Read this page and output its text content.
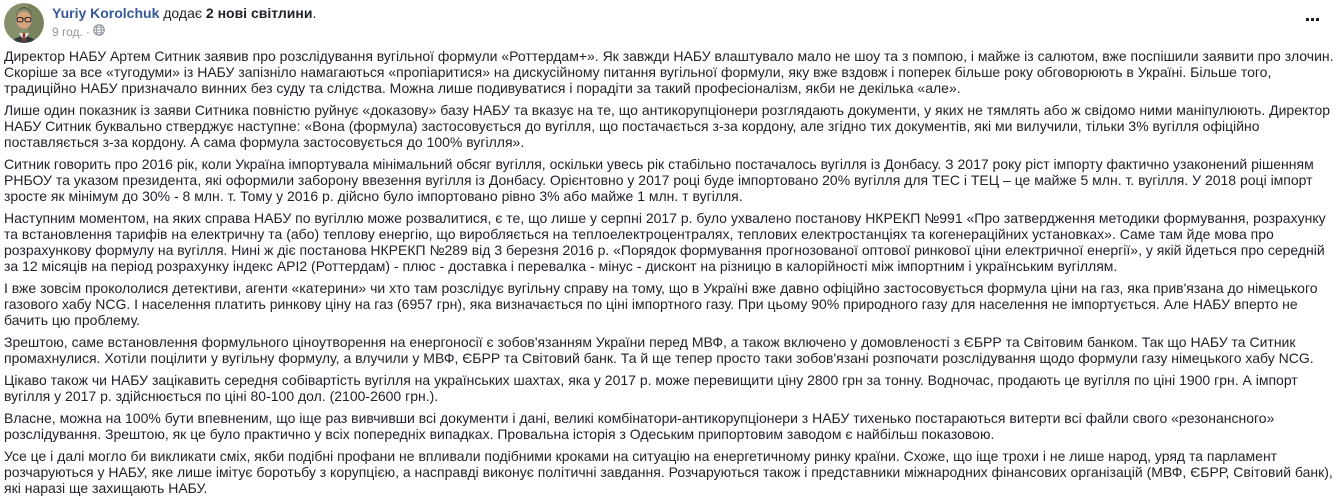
Yuriy Korolchuk додає 2 нові світлини.
9 год. ·

Директор НАБУ Артем Ситник заявив про розслідування вугільної формули «Роттердам+». Як завжди НАБУ влаштувало мало не шоу та з помпою, і майже із салютом, вже поспішили заявити про злочин. Скоріше за все «тугодуми» із НАБУ запізніло намагаються «пропіаритися» на дискусійному питання вугільної формули, яку вже вздовж і поперек більше року обговорюють в Україні. Більше того, традиційно НАБУ призначало винних без суду та слідства. Можна лише подивуватися і порадіти за такий професіоналізм, якби не декілька «але».

Лише один показник із заяви Ситника повністю руйнує «доказову» базу НАБУ та вказує на те, що антикорупціонери розглядають документи, у яких не тямлять або ж свідомо ними маніпулюють. Директор НАБУ Ситник буквально стверджує наступне: «Вона (формула) застосовується до вугілля, що постачається з-за кордону, але згідно тих документів, які ми вилучили, тільки 3% вугілля офіційно поставляється з-за кордону. А сама формула застосовується до 100% вугілля».

Ситник говорить про 2016 рік, коли Україна імпортувала мінімальний обсяг вугілля, оскільки увесь рік стабільно постачалось вугілля із Донбасу. З 2017 року ріст імпорту фактично узаконений рішенням РНБОУ та указом президента, які оформили заборону ввезення вугілля із Донбасу. Орієнтовно у 2017 році буде імпортовано 20% вугілля для ТЕС і ТЕЦ – це майже 5 млн. т. вугілля. У 2018 році імпорт зросте як мінімум до 30% - 8 млн. т. Тому у 2016 р. дійсно було імпортовано рівно 3% або майже 1 млн. т вугілля.

Наступним моментом, на яких справа НАБУ по вугіллю може розвалитися, є те, що лише у серпні 2017 р. було ухвалено постанову НКРЕКП №991 «Про затвердження методики формування, розрахунку та встановлення тарифів на електричну та (або) теплову енергію, що виробляється на теплоелектроцентралях, теплових електростанціях та когенераційних установках». Саме там йде мова про розрахункову формулу на вугілля. Нині ж діє постанова НКРЕКП №289 від 3 березня 2016 р. «Порядок формування прогнозованої оптової ринкової ціни електричної енергії», у якій йдеться про середній за 12 місяців на період розрахунку індекс API2 (Роттердам) - плюс - доставка і перевалка - мінус - дисконт на різницю в калорійності між імпортним і українським вугіллям.

І вже зовсім прокололися детективи, агенти «катерини» чи хто там розслідує вугільну справу на тому, що в Україні вже давно офіційно застосовується формула ціни на газ, яка прив'язана до німецького газового хабу NCG. І населення платить ринкову ціну на газ (6957 грн), яка визначається по ціні імпортного газу. При цьому 90% природного газу для населення не імпортується. Але НАБУ вперто не бачить цю проблему.

Зрештою, саме встановлення формульного ціноутворення на енергоносії є зобов'язанням України перед МВФ, а також включено у домовленості з ЄБРР та Світовим банком. Так що НАБУ та Ситник промахнулися. Хотіли поцілити у вугільну формулу, а влучили у МВФ, ЄБРР та Світовий банк. Та й ще тепер просто таки зобов'язані розпочати розслідування щодо формули газу німецького хабу NCG.

Цікаво також чи НАБУ зацікавить середня собівартість вугілля на українських шахтах, яка у 2017 р. може перевищити ціну 2800 грн за тонну. Водночас, продають це вугілля по ціні 1900 грн. А імпорт вугілля у 2017 р. здійснюється по ціні 80-100 дол. (2100-2600 грн.).

Власне, можна на 100% бути впевненим, що іще раз вивчивши всі документи і дані, великі комбінатори-антикорупціонери з НАБУ тихенько постараються витерти всі файли свого «резонансного» розслідування. Зрештою, як це було практично у всіх попередніх випадках. Провальна історія з Одеським припортовим заводом є найбільш показовою.

Усе це і далі могло би викликати сміх, якби подібні профани не впливали подібними кроками на ситуацію на енергетичному ринку країни. Схоже, що іще трохи і не лише народ, уряд та парламент розчаруються у НАБУ, яке лише імітує боротьбу з корупцією, а насправді виконує політичні завдання. Розчаруються також і представники міжнародних фінансових організацій (МВФ, ЄБРР, Світовий банк), які наразі ще захищають НАБУ.
